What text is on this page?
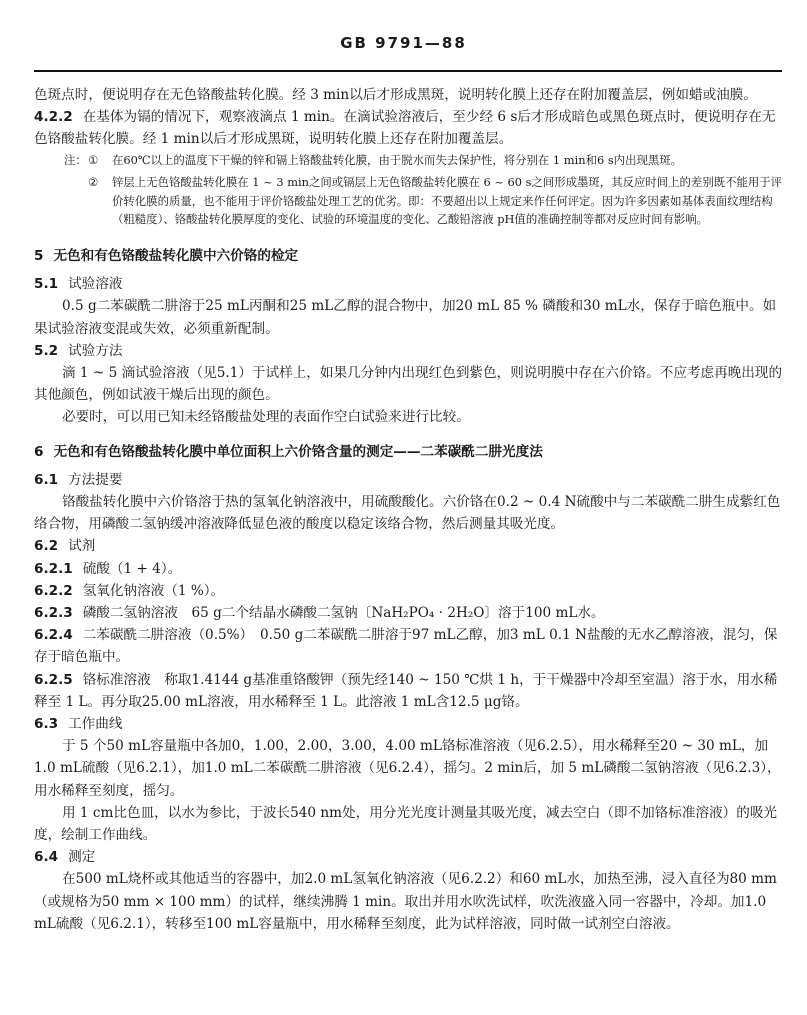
GB 9791—88

色斑点时，便说明存在无色铬酸盐转化膜。经 3 min以后才形成黑斑，说明转化膜上还存在附加覆盖层，例如蜡或油膜。

4.2.2 在基体为镉的情况下，观察液滴点 1 min。在滴试验溶液后，至少经 6 s后才形成暗色或黑色斑点时，便说明存在无色铬酸盐转化膜。经 1 min以后才形成黑斑，说明转化膜上还存在附加覆盖层。

注： ①	在60℃以上的温度下干燥的锌和镉上铬酸盐转化膜，由于脱水而失去保护性，将分别在 1 min和6 s内出现黑斑。
②	锌层上无色铬酸盐转化膜在 1 ~ 3 min之间或镉层上无色铬酸盐转化膜在 6 ~ 60 s之间形成墨斑，其反应时间上的差别既不能用于评价转化膜的质量，也不能用于评价铬酸盐处理工艺的优劣。即：不要超出以上规定来作任何评定。因为许多因素如基体表面纹理结构（粗糙度）、铬酸盐转化膜厚度的变化、试验的环境温度的变化、乙酸铅溶液 pH值的准确控制等都对反应时间有影响。
5 无色和有色铬酸盐转化膜中六价铬的检定

5.1 试验溶液

0.5 g二苯碳酰二肼溶于25 mL丙酮和25 mL乙醇的混合物中，加20 mL 85 % 磷酸和30 mL水，保存于暗色瓶中。如果试验溶液变混或失效，必须重新配制。

5.2 试验方法

滴 1 ~ 5 滴试验溶液（见5.1）于试样上，如果几分钟内出现红色到紫色，则说明膜中存在六价铬。不应考虑再晚出现的其他颜色，例如试液干燥后出现的颜色。

必要时，可以用已知未经铬酸盐处理的表面作空白试验来进行比较。

6 无色和有色铬酸盐转化膜中单位面积上六价铬含量的测定——二苯碳酰二肼光度法

6.1 方法提要

铬酸盐转化膜中六价铬溶于热的氢氧化钠溶液中，用硫酸酸化。六价铬在0.2 ~ 0.4 N硫酸中与二苯碳酰二肼生成紫红色络合物，用磷酸二氢钠缓冲溶液降低显色液的酸度以稳定该络合物，然后测量其吸光度。

6.2 试剂

6.2.1 硫酸（1 + 4）。

6.2.2 氢氧化钠溶液（1 %）。

6.2.3 磷酸二氢钠溶液　65 g二个结晶水磷酸二氢钠〔NaH₂PO₄ · 2H₂O〕溶于100 mL水。

6.2.4 二苯碳酰二肼溶液（0.5%）　0.50 g二苯碳酰二肼溶于97 mL乙醇，加3 mL 0.1 N盐酸的无水乙醇溶液，混匀，保存于暗色瓶中。

6.2.5 铬标准溶液　称取1.4144 g基准重铬酸钾（预先经140 ~ 150 ℃烘 1 h，于干燥器中冷却至室温）溶于水，用水稀释至 1 L。再分取25.00 mL溶液，用水稀释至 1 L。此溶液 1 mL含12.5 μg铬。

6.3 工作曲线

于 5 个50 mL容量瓶中各加0，1.00，2.00，3.00，4.00 mL铬标准溶液（见6.2.5），用水稀释至20 ~ 30 mL，加1.0 mL硫酸（见6.2.1），加1.0 mL二苯碳酰二肼溶液（见6.2.4），摇匀。2 min后，加 5 mL磷酸二氢钠溶液（见6.2.3），用水稀释至刻度，摇匀。

用 1 cm比色皿，以水为参比，于波长540 nm处，用分光光度计测量其吸光度，减去空白（即不加铬标准溶液）的吸光度，绘制工作曲线。

6.4 测定

在500 mL烧杯或其他适当的容器中，加2.0 mL氢氧化钠溶液（见6.2.2）和60 mL水，加热至沸，浸入直径为80 mm（或规格为50 mm × 100 mm）的试样，继续沸腾 1 min。取出并用水吹洗试样，吹洗液盛入同一容器中，冷却。加1.0 mL硫酸（见6.2.1），转移至100 mL容量瓶中，用水稀释至刻度，此为试样溶液，同时做一试剂空白溶液。
